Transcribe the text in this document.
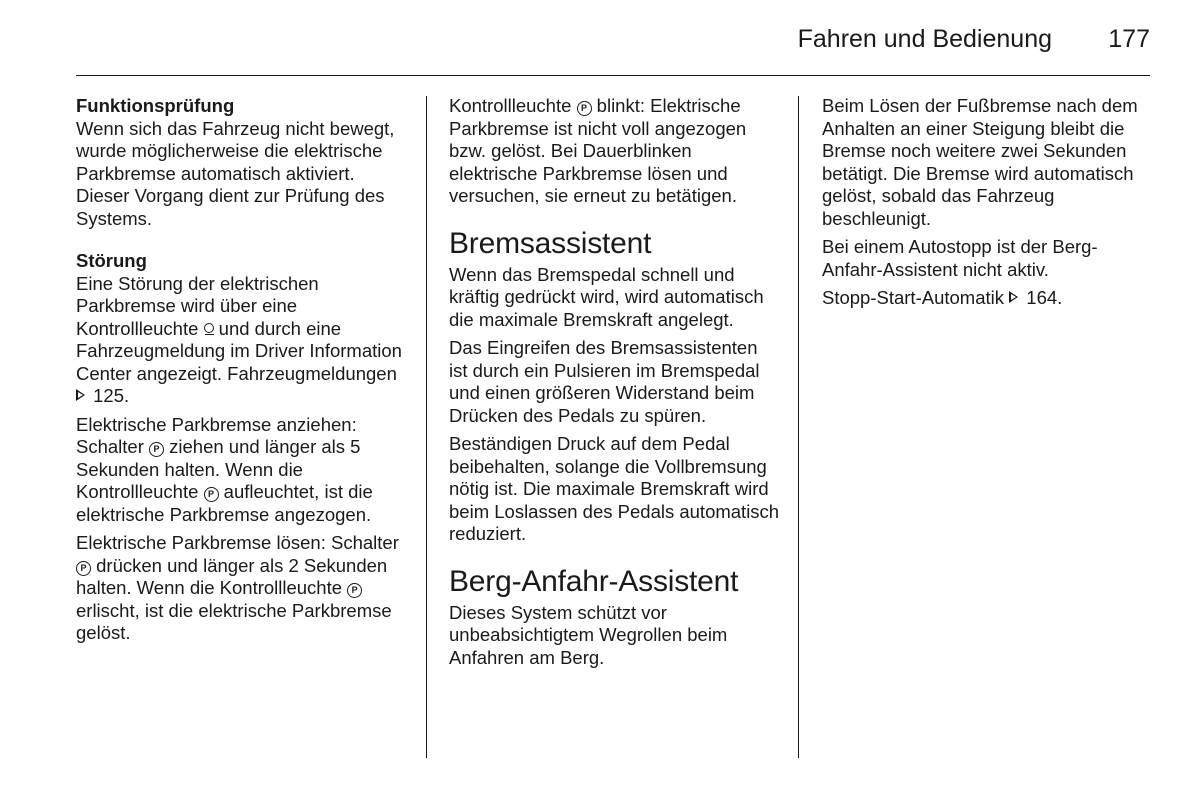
Fahren und Bedienung 177

Funktionsprüfung
Wenn sich das Fahrzeug nicht bewegt, wurde möglicherweise die elektrische Parkbremse automatisch aktiviert. Dieser Vorgang dient zur Prüfung des Systems.

Störung
Eine Störung der elektrischen Parkbremse wird über eine Kontrollleuchte und durch eine Fahrzeugmeldung im Driver Information Center angezeigt. Fahrzeugmeldungen
125.

Elektrische Parkbremse anziehen: Schalter P ziehen und länger als 5 Sekunden halten. Wenn die Kontrollleuchte P aufleuchtet, ist die elektrische Parkbremse angezogen.

Elektrische Parkbremse lösen: Schalter P drücken und länger als 2 Sekunden halten. Wenn die Kontrollleuchte P erlischt, ist die elektrische Parkbremse gelöst.

Kontrollleuchte P blinkt: Elektrische Parkbremse ist nicht voll angezogen bzw. gelöst. Bei Dauerblinken elektrische Parkbremse lösen und versuchen, sie erneut zu betätigen.

Bremsassistent

Wenn das Bremspedal schnell und kräftig gedrückt wird, wird automatisch die maximale Bremskraft angelegt.

Das Eingreifen des Bremsassistenten ist durch ein Pulsieren im Bremspedal und einen größeren Widerstand beim Drücken des Pedals zu spüren.

Beständigen Druck auf dem Pedal beibehalten, solange die Vollbremsung nötig ist. Die maximale Bremskraft wird beim Loslassen des Pedals automatisch reduziert.

Berg-Anfahr-Assistent

Dieses System schützt vor unbeabsichtigtem Wegrollen beim Anfahren am Berg.

Beim Lösen der Fußbremse nach dem Anhalten an einer Steigung bleibt die Bremse noch weitere zwei Sekunden betätigt. Die Bremse wird automatisch gelöst, sobald das Fahrzeug beschleunigt.

Bei einem Autostopp ist der Berg-Anfahr-Assistent nicht aktiv.

Stopp-Start-Automatik 164.
